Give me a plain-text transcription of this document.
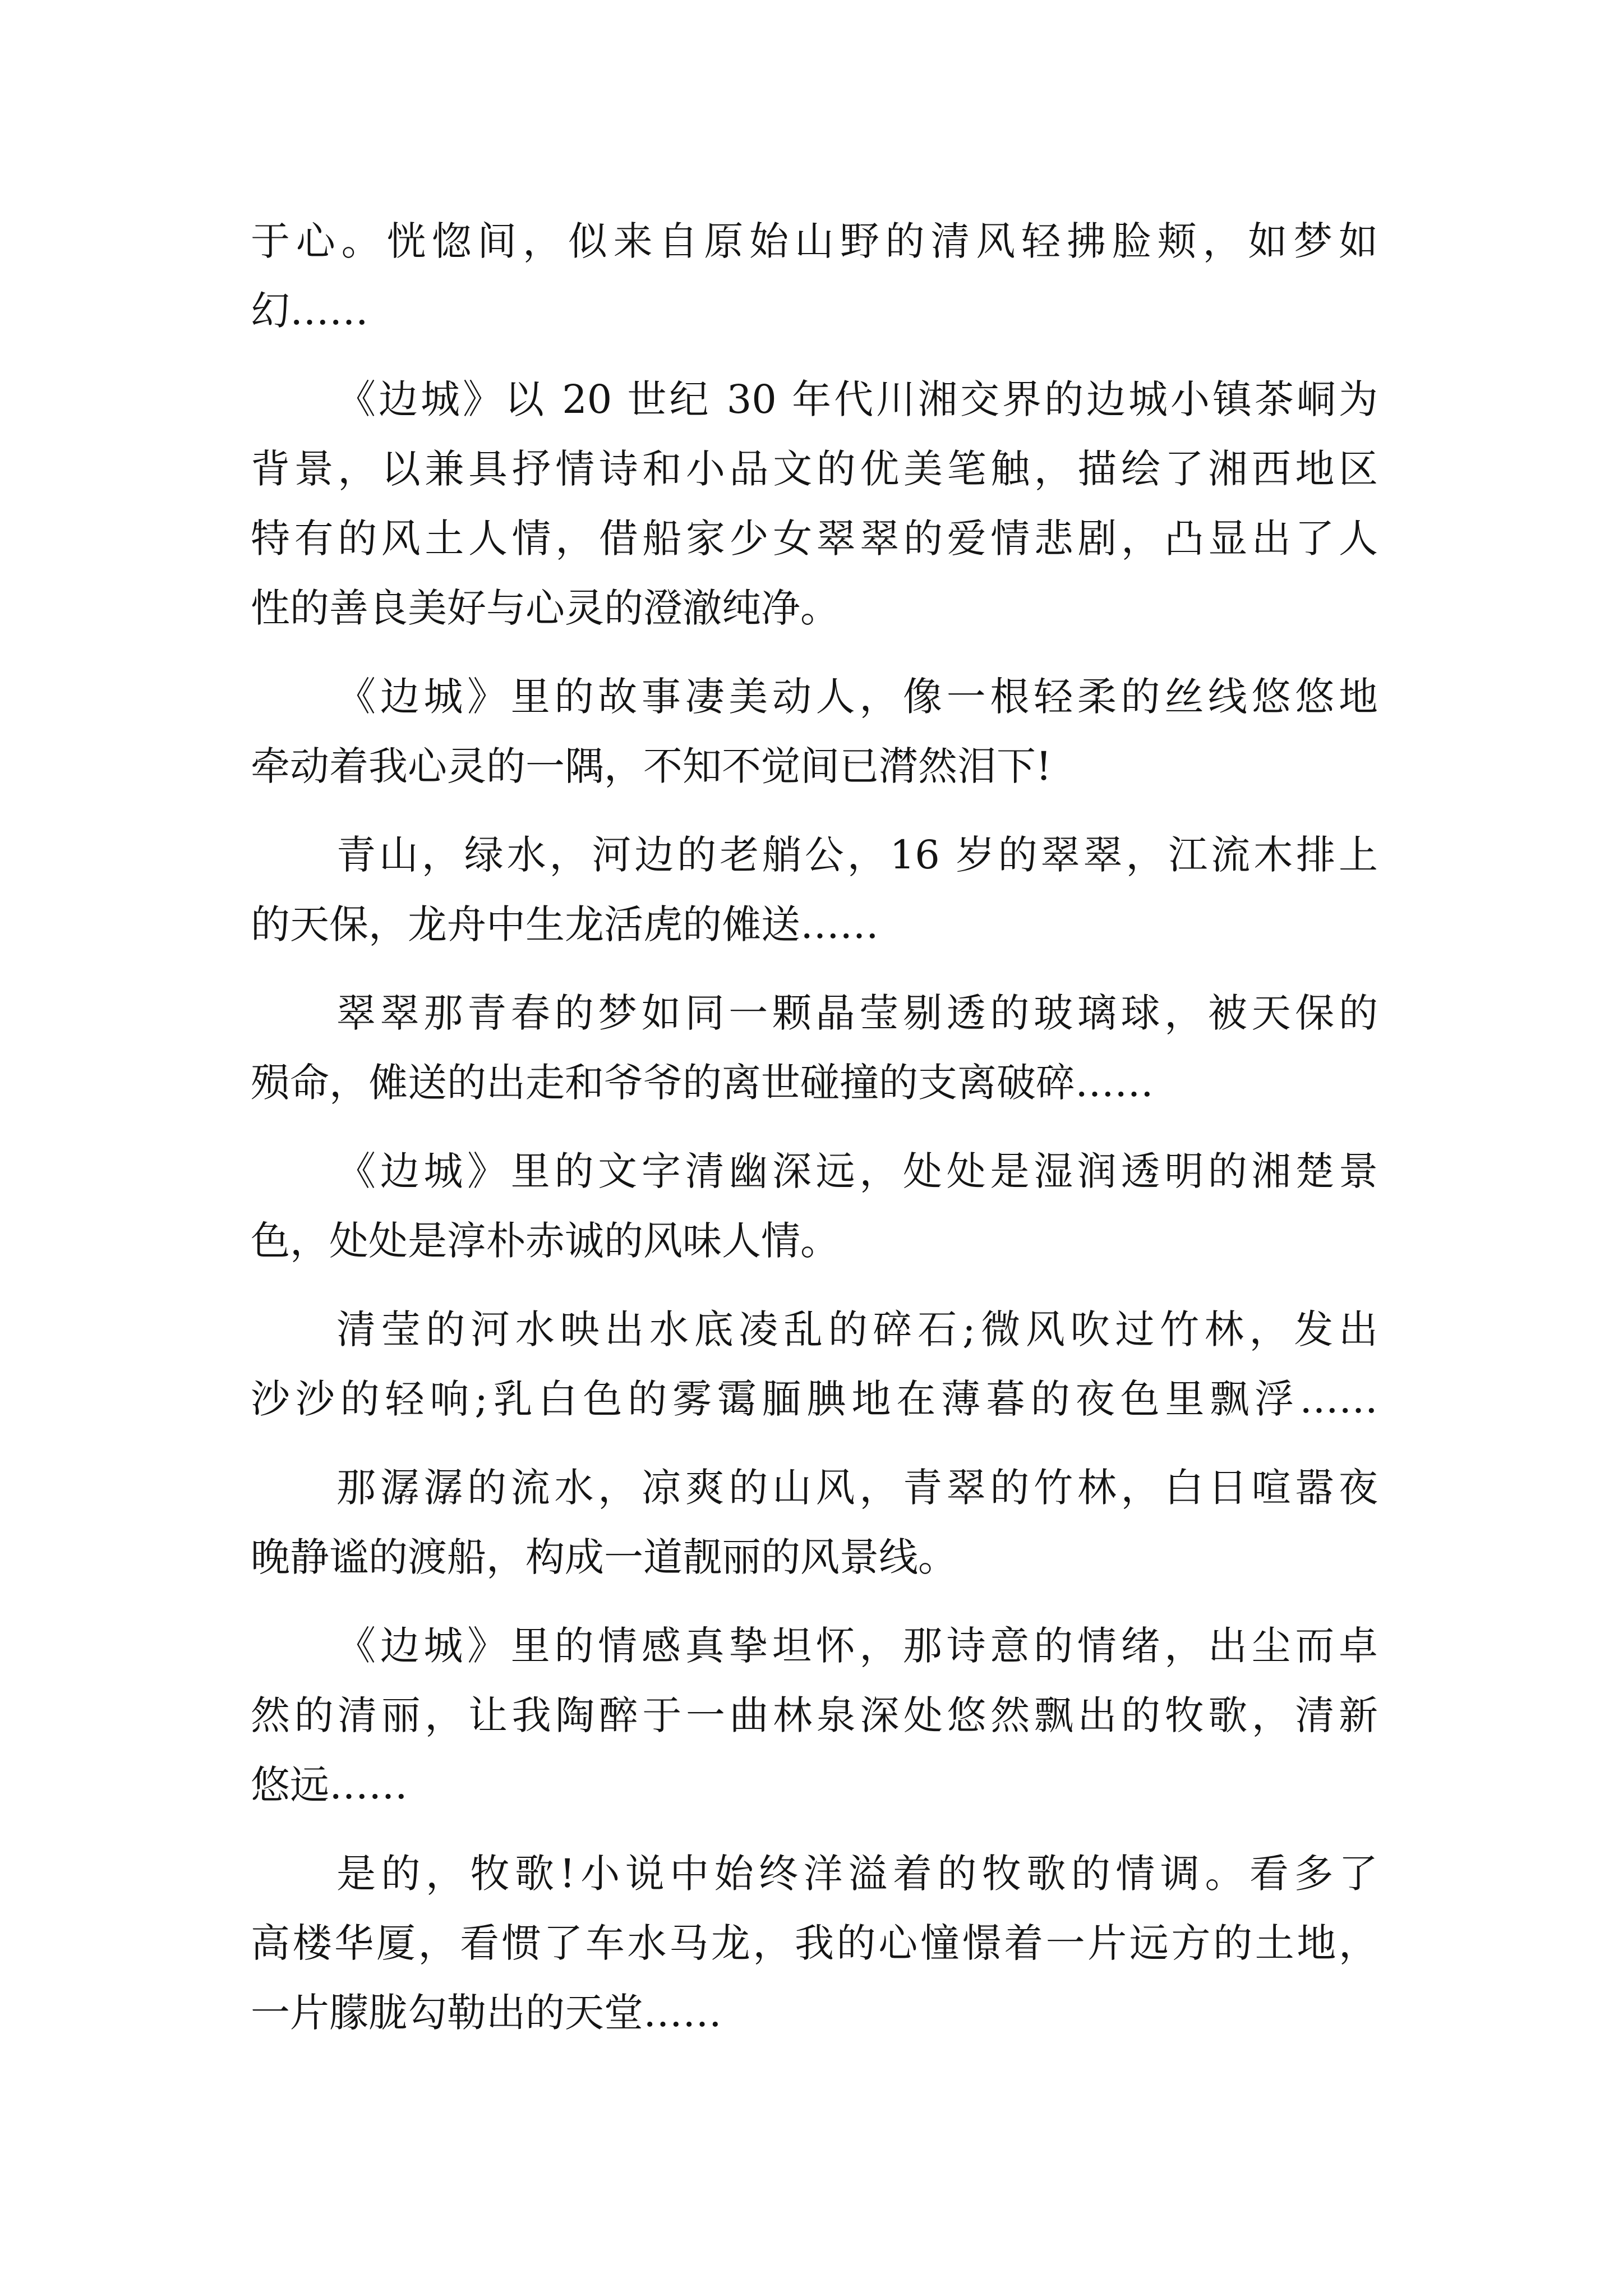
于心。恍惚间，似来自原始山野的清风轻拂脸颊，如梦如
幻……
《边城》以 20 世纪 30 年代川湘交界的边城小镇茶峒为
背景，以兼具抒情诗和小品文的优美笔触，描绘了湘西地区
特有的风土人情，借船家少女翠翠的爱情悲剧，凸显出了人
性的善良美好与心灵的澄澈纯净。
《边城》里的故事凄美动人，像一根轻柔的丝线悠悠地
牵动着我心灵的一隅，不知不觉间已潸然泪下!
青山，绿水，河边的老艄公，16 岁的翠翠，江流木排上
的天保，龙舟中生龙活虎的傩送……
翠翠那青春的梦如同一颗晶莹剔透的玻璃球，被天保的
殒命，傩送的出走和爷爷的离世碰撞的支离破碎……
《边城》里的文字清幽深远，处处是湿润透明的湘楚景
色，处处是淳朴赤诚的风味人情。
清莹的河水映出水底凌乱的碎石;微风吹过竹林，发出
沙沙的轻响;乳白色的雾霭腼腆地在薄暮的夜色里飘浮……
那潺潺的流水，凉爽的山风，青翠的竹林，白日喧嚣夜
晚静谧的渡船，构成一道靓丽的风景线。
《边城》里的情感真挚坦怀，那诗意的情绪，出尘而卓
然的清丽，让我陶醉于一曲林泉深处悠然飘出的牧歌，清新
悠远……
是的，牧歌!小说中始终洋溢着的牧歌的情调。看多了
高楼华厦，看惯了车水马龙，我的心憧憬着一片远方的土地，
一片朦胧勾勒出的天堂……
